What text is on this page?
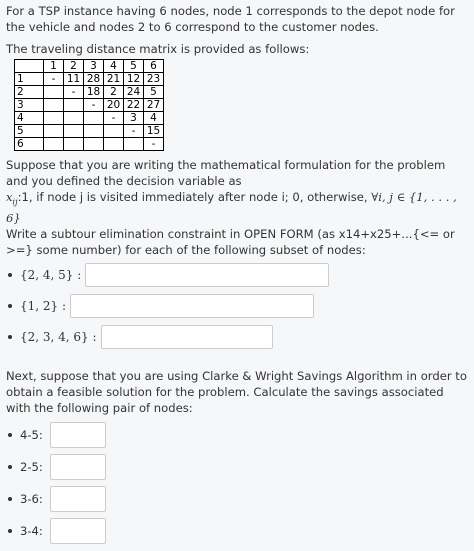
For a TSP instance having 6 nodes, node 1 corresponds to the depot node for the vehicle and nodes 2 to 6 correspond to the customer nodes.

The traveling distance matrix is provided as follows:

	1	2	3	4	5	6
1	-	11	28	21	12	23
2		-	18	2	24	5
3			-	20	22	27
4				-	3	4
5					-	15
6						-

Suppose that you are writing the mathematical formulation for the problem and you defined the decision variable as

$x_{ij}:1$, if node j is visited immediately after node i; 0, otherwise, ∀i, j ∈ {1, . . . , 6}

Write a subtour elimination constraint in OPEN FORM (as x14+x25+...{<= or >=} some number) for each of the following subset of nodes:

{2, 4, 5} :
{1, 2} :
{2, 3, 4, 6} :

Next, suppose that you are using Clarke & Wright Savings Algorithm in order to obtain a feasible solution for the problem. Calculate the savings associated with the following pair of nodes:

4-5:
2-5:
3-6:
3-4:
